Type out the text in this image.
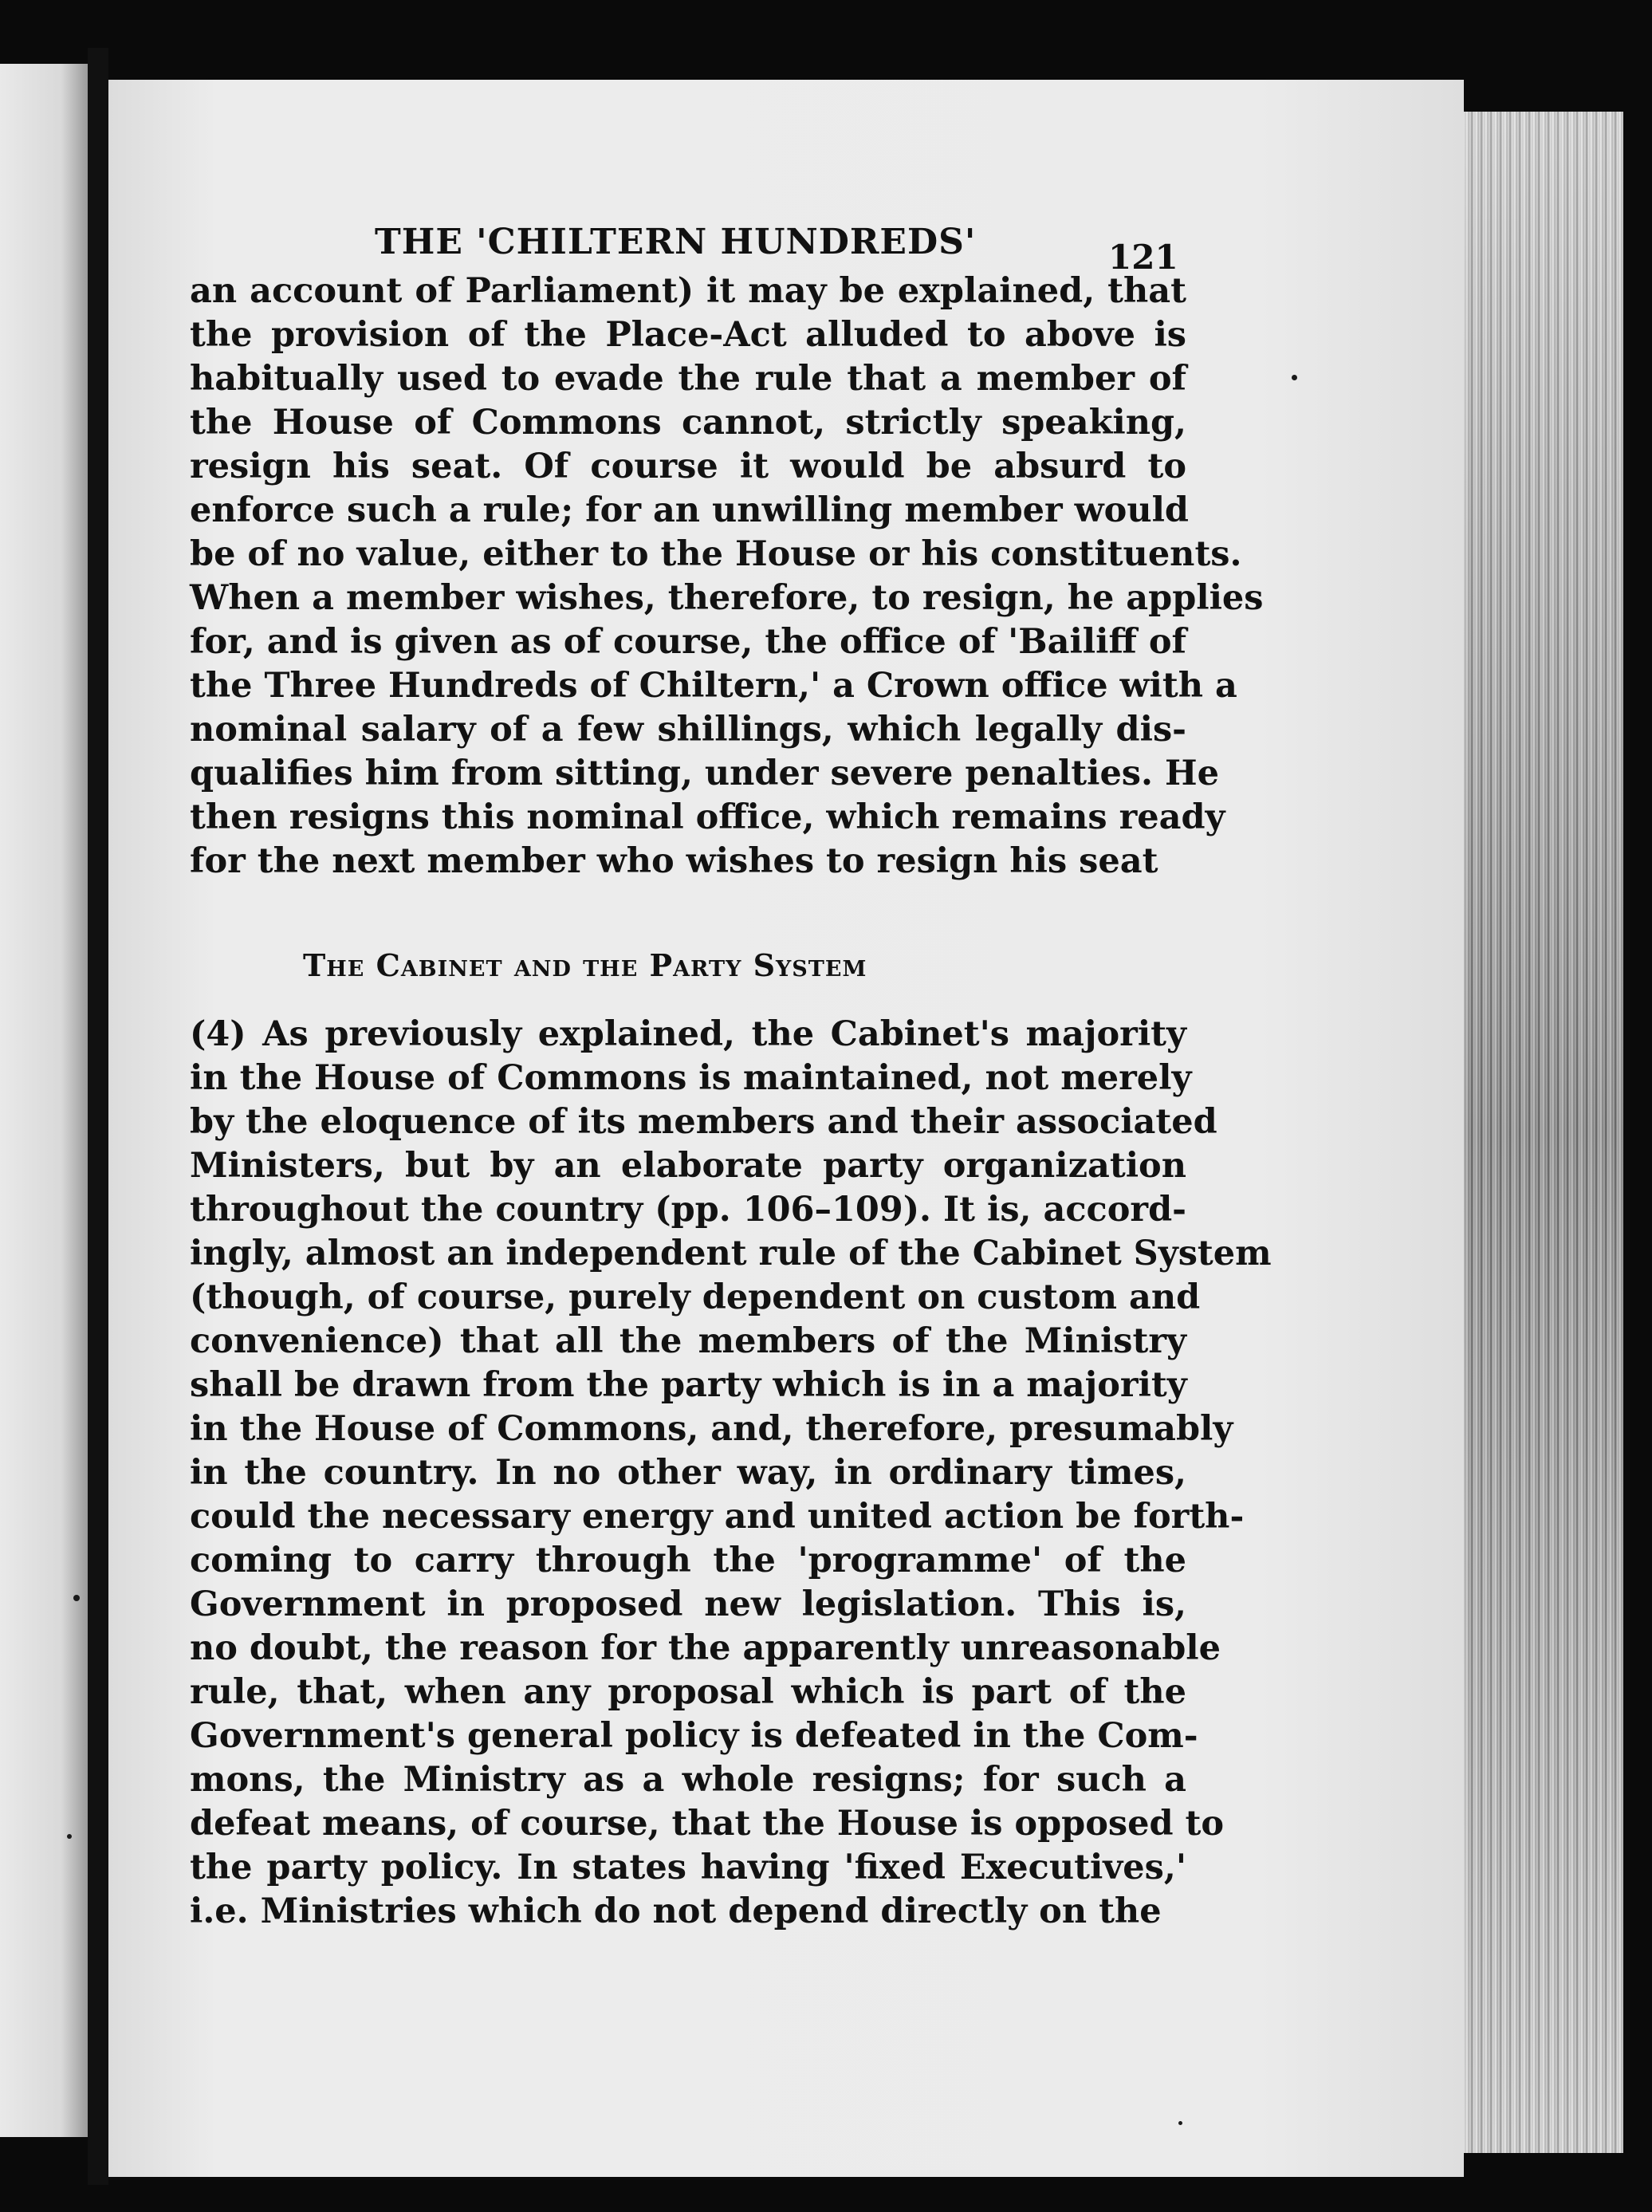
THE 'CHILTERN HUNDREDS'	121
an account of Parliament) it may be explained, that
the provision of the Place-Act alluded to above is
habitually used to evade the rule that a member of
the House of Commons cannot, strictly speaking,
resign his seat. Of course it would be absurd to
enforce such a rule; for an unwilling member would
be of no value, either to the House or his constituents.
When a member wishes, therefore, to resign, he applies
for, and is given as of course, the office of 'Bailiff of
the Three Hundreds of Chiltern,' a Crown office with a
nominal salary of a few shillings, which legally dis-
qualifies him from sitting, under severe penalties. He
then resigns this nominal office, which remains ready
for the next member who wishes to resign his seat
The Cabinet and the Party System
(4) As previously explained, the Cabinet's majority
in the House of Commons is maintained, not merely
by the eloquence of its members and their associated
Ministers, but by an elaborate party organization
throughout the country (pp. 106–109). It is, accord-
ingly, almost an independent rule of the Cabinet System
(though, of course, purely dependent on custom and
convenience) that all the members of the Ministry
shall be drawn from the party which is in a majority
in the House of Commons, and, therefore, presumably
in the country. In no other way, in ordinary times,
could the necessary energy and united action be forth-
coming to carry through the 'programme' of the
Government in proposed new legislation. This is,
no doubt, the reason for the apparently unreasonable
rule, that, when any proposal which is part of the
Government's general policy is defeated in the Com-
mons, the Ministry as a whole resigns; for such a
defeat means, of course, that the House is opposed to
the party policy. In states having 'fixed Executives,'
i.e. Ministries which do not depend directly on the
